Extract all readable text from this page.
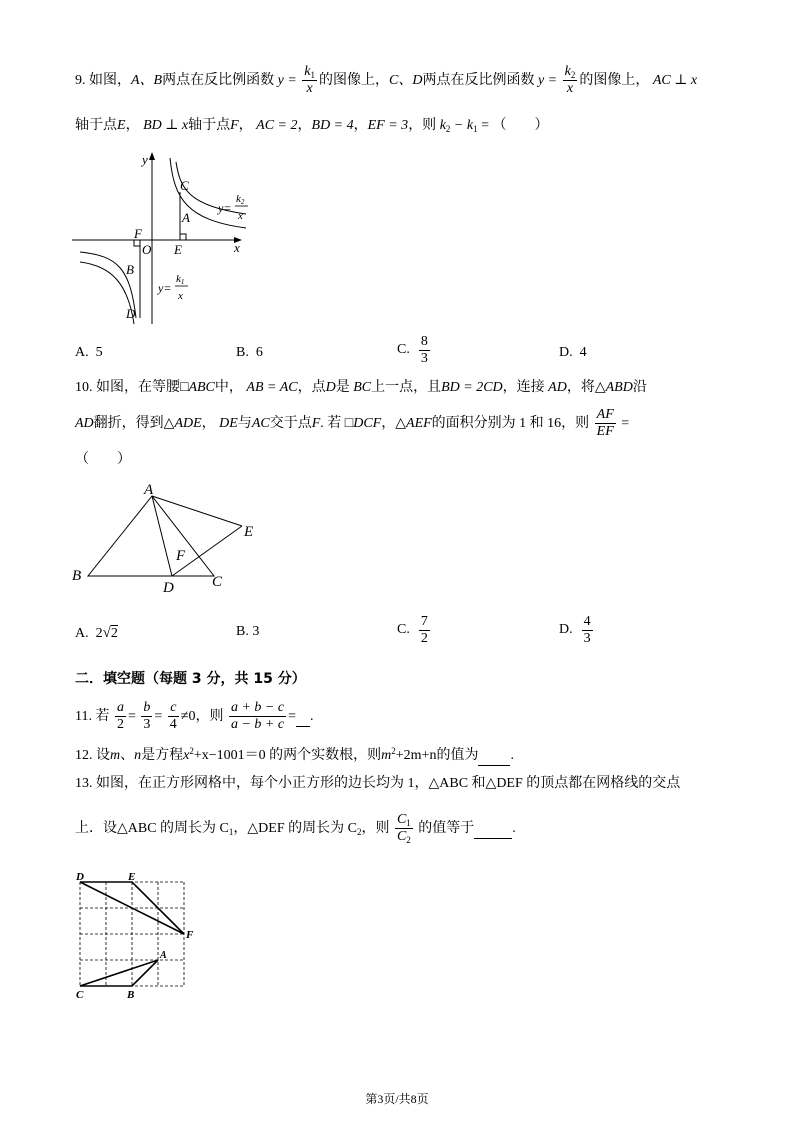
9. 如图，A、B两点在反比例函数 $y = \frac{k_1}{x}$ 的图像上，C、D两点在反比例函数 $y = \frac{k_2}{x}$ 的图像上， AC ⊥ x
轴于点E， BD ⊥ x轴于点F， AC = 2，BD = 4，EF = 3，则 $k_2 - k_1$ = （　　）
y
x
O
F
E
A
C
B
D
y=
k2
x
y=
k1
x
A. 5	B. 6	C. $\frac{8}{3}$	D. 4
10. 如图，在等腰□ABC中， AB = AC，点D是 BC上一点，且BD = 2CD，连接 AD，将△ABD沿
AD翻折，得到△ADE， DE与AC交于点F. 若 □DCF，△AEF的面积分别为 1 和 16，则 $\frac{AF}{EF}$ =
（　　）
A
B	C
D
E
F
A. 2√2	B. 3	C. $\frac{7}{2}$	D. $\frac{4}{3}$
二．填空题（每题 3 分，共 15 分）
11. 若 $\frac{a}{2} = \frac{b}{3} = \frac{c}{4} \ne 0$，则 $\frac{a + b - c}{a - b + c}$ = .
12. 设m、n是方程$x^2+x-1001=0$ 的两个实数根，则$m^2+2m+n$的值为 .
13. 如图，在正方形网格中，每个小正方形的边长均为 1，△ABC 和△DEF 的顶点都在网格线的交点
上．设△ABC 的周长为 $C_1$，△DEF 的周长为 $C_2$，则 $\frac{C_1}{C_2}$ 的值等于	.
D	E
F
A
B
C
第3页/共8页
